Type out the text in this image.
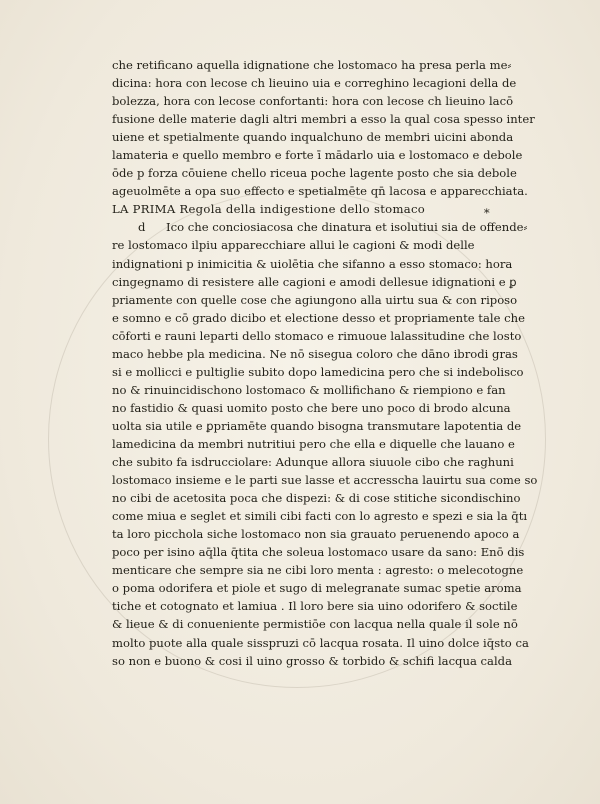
che retificano aquella idignatione che lostomaco ha presa perla me⸗
dicina: hora con lecose ch lieuino uia e correghino lecagioni della de
bolezza, hora con lecose confortanti: hora con lecose ch lieuino lacō
fusione delle materie dagli altri membri a esso la qual cosa spesso inter
uiene et spetialmente quando inqualchuno de membri uicini abonda
lamateria e quello membro e forte ī mādarlo uia e lostomaco e debole
ōde p forza cōuiene chello riceua poche lagente posto che sia debole
ageuolmēte a opa suo effecto e spetialmēte qn̄ lacosa e apparecchiata.
LA PRIMA Regola della indigestione dello stomaco	⁎
d Ico che conciosiacosa che dinatura et isolutiui sia de offende⸗
re lostomaco ilpiu apparecchiare allui le cagioni & modi delle
indignationi p inimicitia & uiolētia che sifanno a esso stomaco: hora
cingegnamo di resistere alle cagioni e amodi dellesue idignationi e ꝑ
priamente con quelle cose che agiungono alla uirtu sua & con riposo
e somno e cō grado dicibo et electione desso et propriamente tale che
cōforti e rauni leparti dello stomaco e rimuoue lalassitudine che losto
maco hebbe pla medicina. Ne nō sisegua coloro che dāno ibrodi gras
si e mollicci e pultiglie subito dopo lamedicina pero che si indebolisco
no & rinuincidischono lostomaco & mollifichano & riempiono e fan
no fastidio & quasi uomito posto che bere uno poco di brodo alcuna
uolta sia utile e ꝑpriamēte quando bisogna transmutare lapotentia de
lamedicina da membri nutritiui pero che ella e diquelle che lauano e
che subito fa isdrucciolare: Adunque allora siuuole cibo che raghuni
lostomaco insieme e le parti sue lasse et accresscha lauirtu sua come so
no cibi de acetosita poca che dispezi: & di cose stitiche sicondischino
come miua e seglet et simili cibi facti con lo agresto e spezi e sia la q̄tı
ta loro picchola siche lostomaco non sia grauato peruenendo apoco a
poco per isino aq̄lla q̄tita che soleua lostomaco usare da sano: Enō dis
menticare che sempre sia ne cibi loro menta : agresto: o melecotogne
o poma odorifera et piole et sugo di melegranate sumac spetie aroma
tiche et cotognato et lamiua . Il loro bere sia uino odorifero & soctile
& lieue & di conueniente permistiōe con lacqua nella quale il sole nō
molto puote alla quale sisspruzi cō lacqua rosata. Il uino dolce iq̄sto ca
so non e buono & cosi il uino grosso & torbido & schifi lacqua calda
